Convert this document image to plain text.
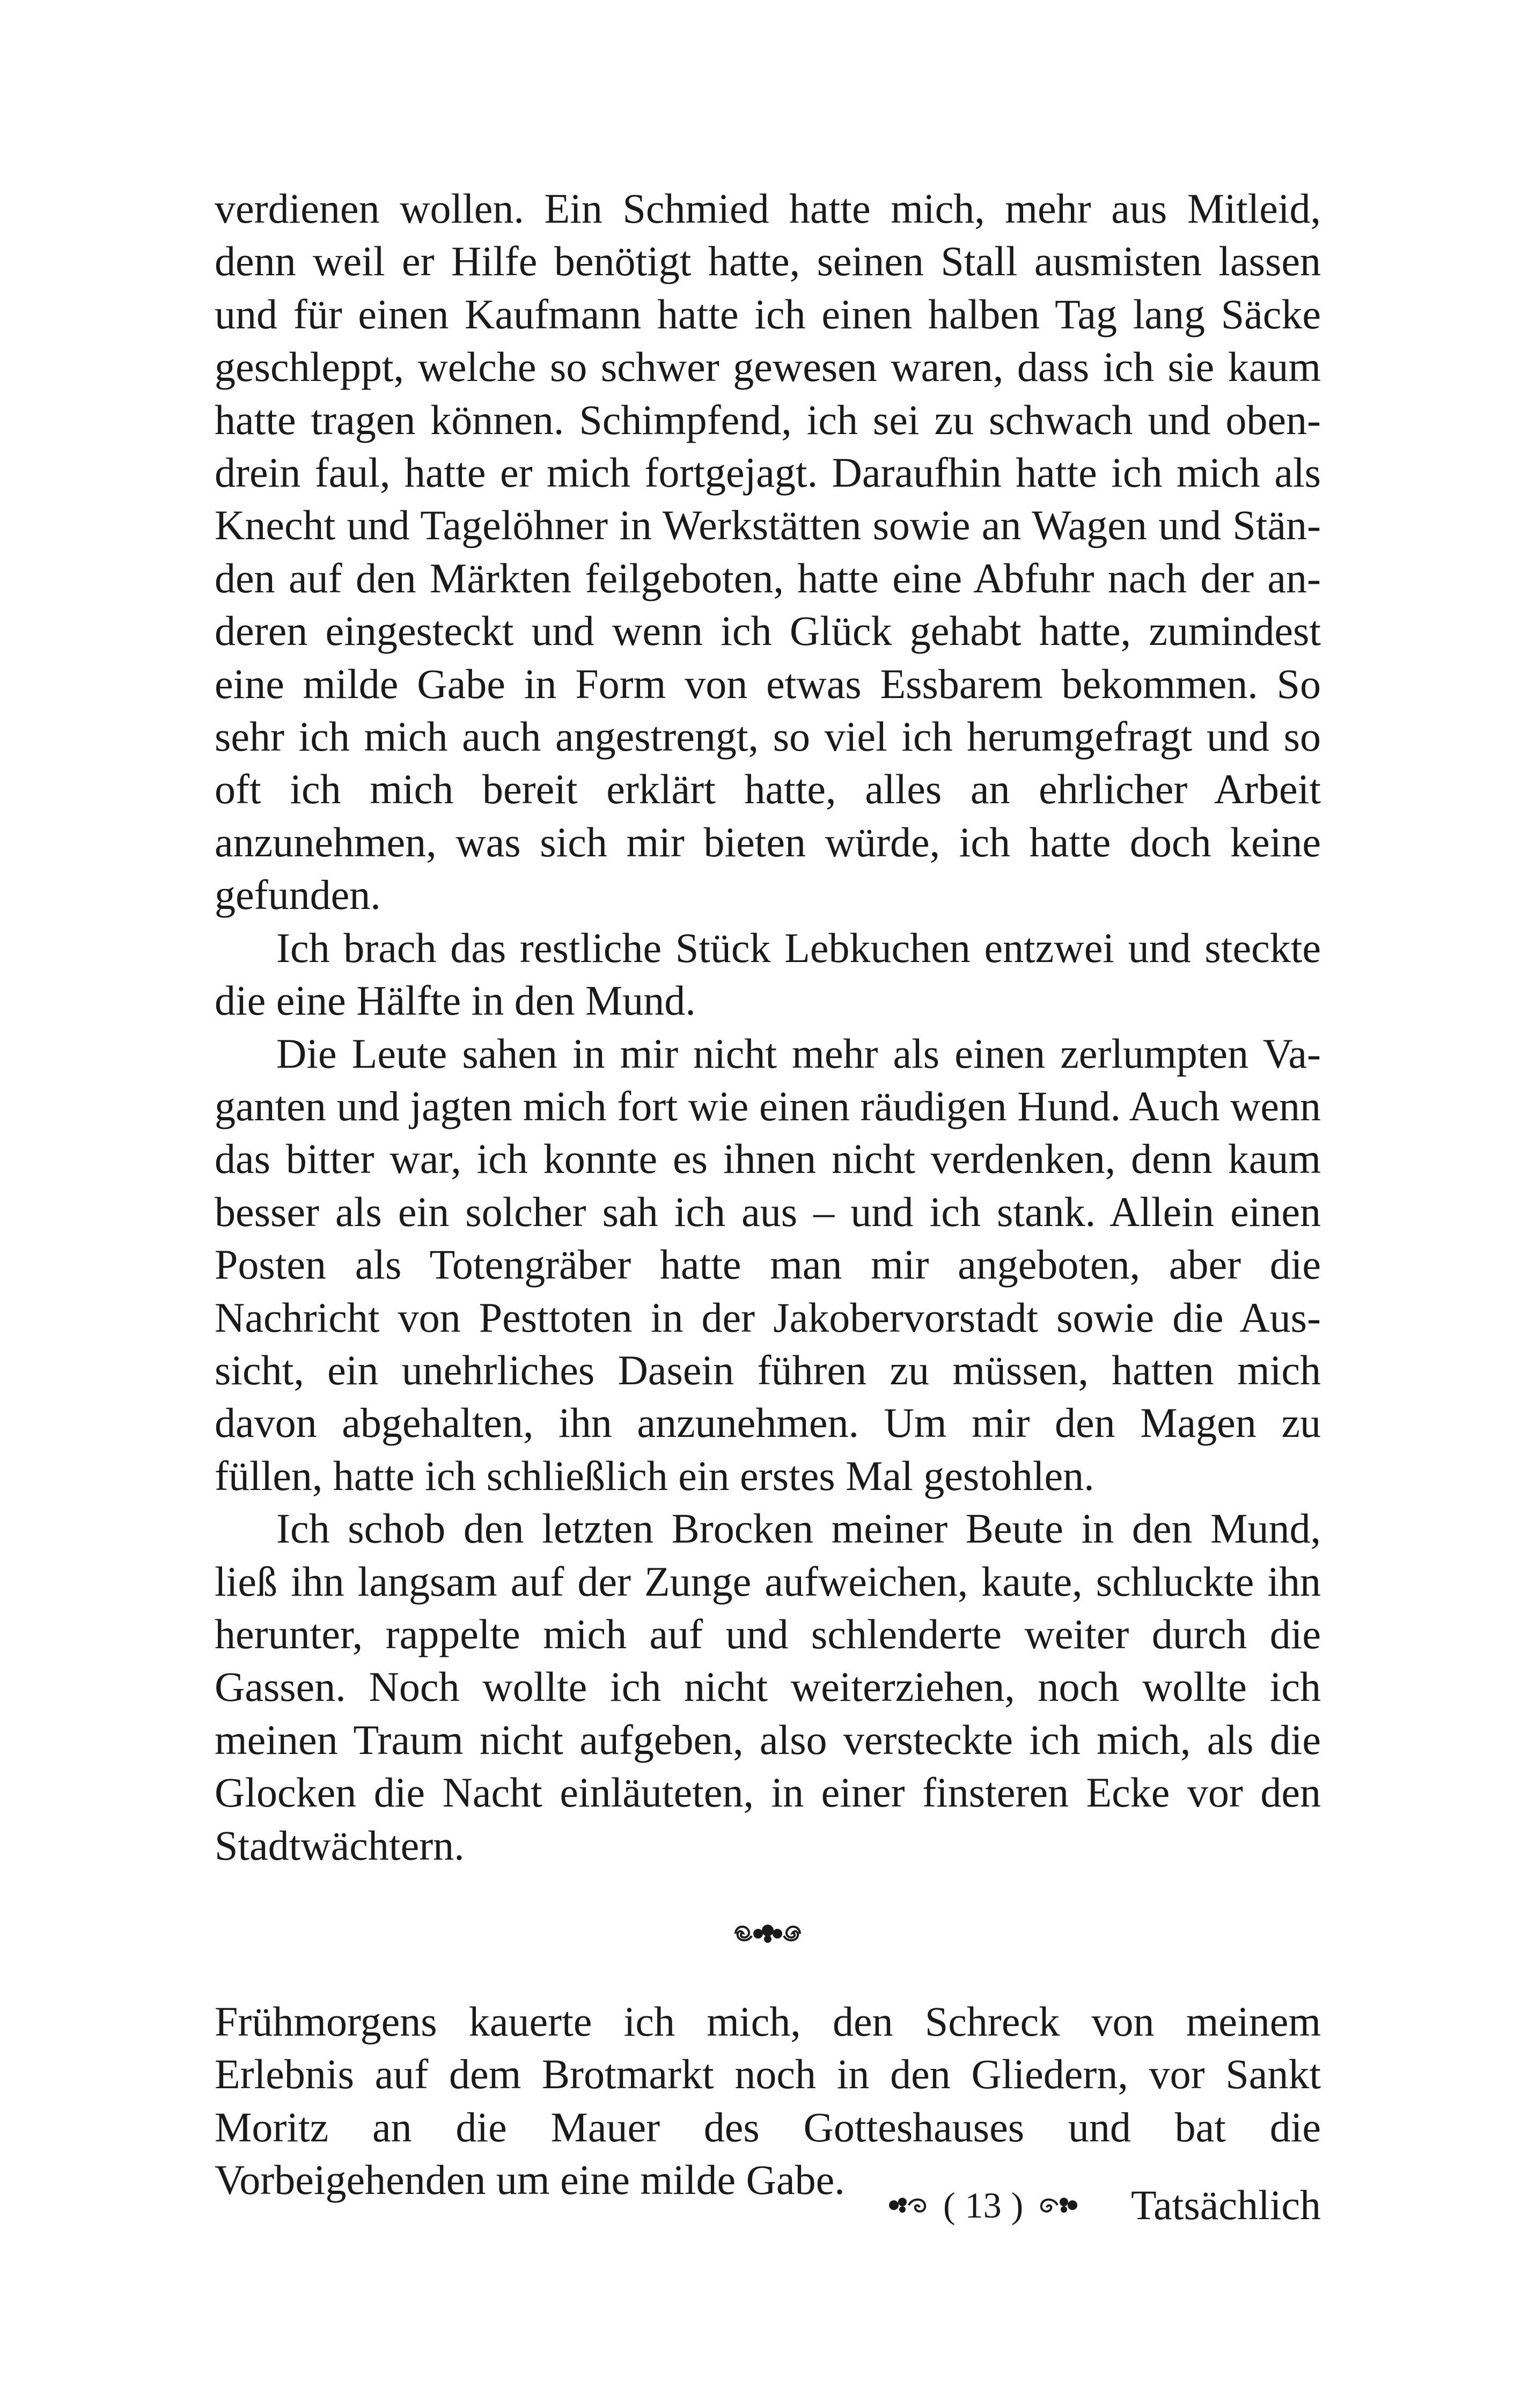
verdienen wollen. Ein Schmied hatte mich, mehr aus Mitleid, denn weil er Hilfe benötigt hatte, seinen Stall ausmisten lassen und für einen Kaufmann hatte ich einen halben Tag lang Säcke geschleppt, welche so schwer gewesen waren, dass ich sie kaum hatte tragen können. Schimpfend, ich sei zu schwach und obendrein faul, hatte er mich fortgejagt. Daraufhin hatte ich mich als Knecht und Tagelöhner in Werkstätten sowie an Wagen und Ständen auf den Märkten feilgeboten, hatte eine Abfuhr nach der anderen eingesteckt und wenn ich Glück gehabt hatte, zumindest eine milde Gabe in Form von etwas Essbarem bekommen. So sehr ich mich auch angestrengt, so viel ich herumgefragt und so oft ich mich bereit erklärt hatte, alles an ehrlicher Arbeit anzunehmen, was sich mir bieten würde, ich hatte doch keine gefunden.

Ich brach das restliche Stück Lebkuchen entzwei und steckte die eine Hälfte in den Mund.

Die Leute sahen in mir nicht mehr als einen zerlumpten Vaganten und jagten mich fort wie einen räudigen Hund. Auch wenn das bitter war, ich konnte es ihnen nicht verdenken, denn kaum besser als ein solcher sah ich aus – und ich stank. Allein einen Posten als Totengräber hatte man mir angeboten, aber die Nachricht von Pesttoten in der Jakobervorstadt sowie die Aussicht, ein unehrliches Dasein führen zu müssen, hatten mich davon abgehalten, ihn anzunehmen. Um mir den Magen zu füllen, hatte ich schließlich ein erstes Mal gestohlen.

Ich schob den letzten Brocken meiner Beute in den Mund, ließ ihn langsam auf der Zunge aufweichen, kaute, schluckte ihn herunter, rappelte mich auf und schlenderte weiter durch die Gassen. Noch wollte ich nicht weiterziehen, noch wollte ich meinen Traum nicht aufgeben, also versteckte ich mich, als die Glocken die Nacht einläuteten, in einer finsteren Ecke vor den Stadtwächtern.

Frühmorgens kauerte ich mich, den Schreck von meinem Erlebnis auf dem Brotmarkt noch in den Gliedern, vor Sankt Moritz an die Mauer des Gotteshauses und bat die Vorbeigehenden um eine milde Gabe.

( 13 )	Tatsächlich
